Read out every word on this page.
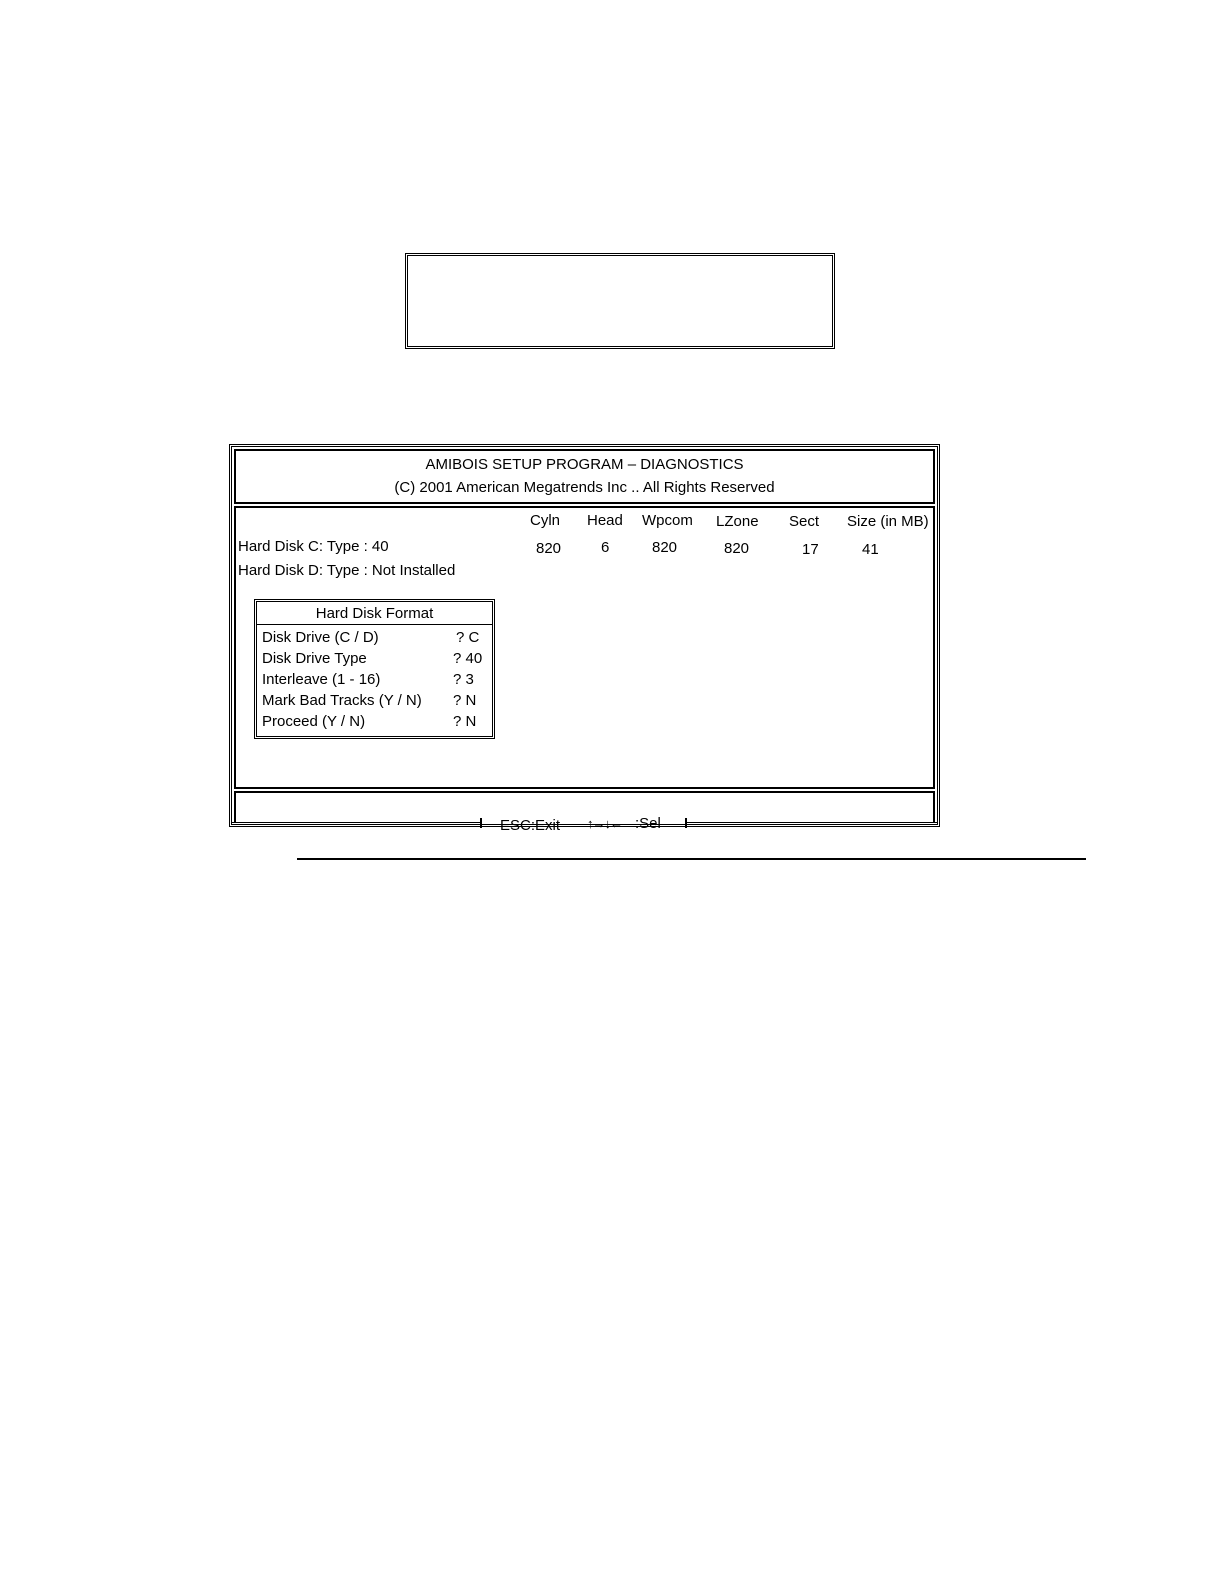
AMIBOIS SETUP PROGRAM – DIAGNOSTICS
(C) 2001 American Megatrends Inc .. All Rights Reserved
Cyln Head Wpcom LZone Sect Size (in MB)
Hard Disk C: Type : 40	820	6	820	820	17	41
Hard Disk D: Type : Not Installed
Hard Disk Format
Disk Drive (C / D)	? C
Disk Drive Type	? 40
Interleave (1 - 16)	? 3
Mark Bad Tracks (Y / N) ? N
Proceed (Y / N)	? N
ESC:Exit ↑→↓← :Sel
